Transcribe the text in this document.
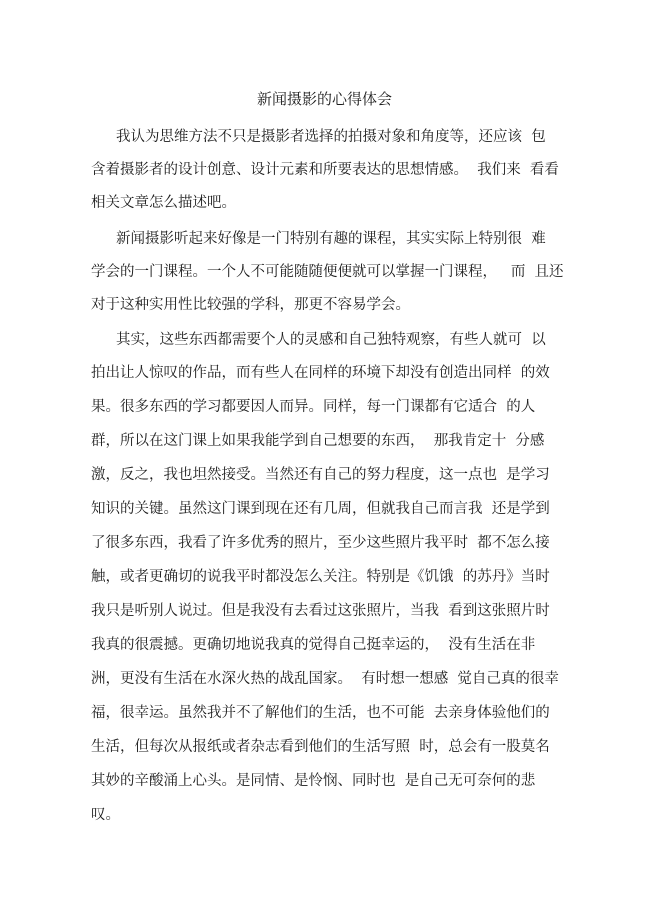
新闻摄影的心得体会
我认为思维方法不只是摄影者选择的拍摄对象和角度等，还应该  包
含着摄影者的设计创意、设计元素和所要表达的思想情感。  我们来  看看
相关文章怎么描述吧。
新闻摄影听起来好像是一门特别有趣的课程，其实实际上特别很  难
学会的一门课程。一个人不可能随随便便就可以掌握一门课程，   而  且还
对于这种实用性比较强的学科，那更不容易学会。
其实，这些东西都需要个人的灵感和自己独特观察，有些人就可  以
拍出让人惊叹的作品，而有些人在同样的环境下却没有创造出同样  的效
果。很多东西的学习都要因人而异。同样，每一门课都有它适合  的人
群，所以在这门课上如果我能学到自己想要的东西，  那我肯定十  分感
激，反之，我也坦然接受。当然还有自己的努力程度，这一点也  是学习
知识的关键。虽然这门课到现在还有几周，但就我自己而言我  还是学到
了很多东西，我看了许多优秀的照片，至少这些照片我平时  都不怎么接
触，或者更确切的说我平时都没怎么关注。特别是《饥饿  的苏丹》当时
我只是听别人说过。但是我没有去看过这张照片，当我  看到这张照片时
我真的很震撼。更确切地说我真的觉得自己挺幸运的，  没有生活在非
洲，更没有生活在水深火热的战乱国家。  有时想一想感  觉自己真的很幸
福，很幸运。虽然我并不了解他们的生活，也不可能  去亲身体验他们的
生活，但每次从报纸或者杂志看到他们的生活写照  时，总会有一股莫名
其妙的辛酸涌上心头。是同情、是怜悯、同时也  是自己无可奈何的悲
叹。
